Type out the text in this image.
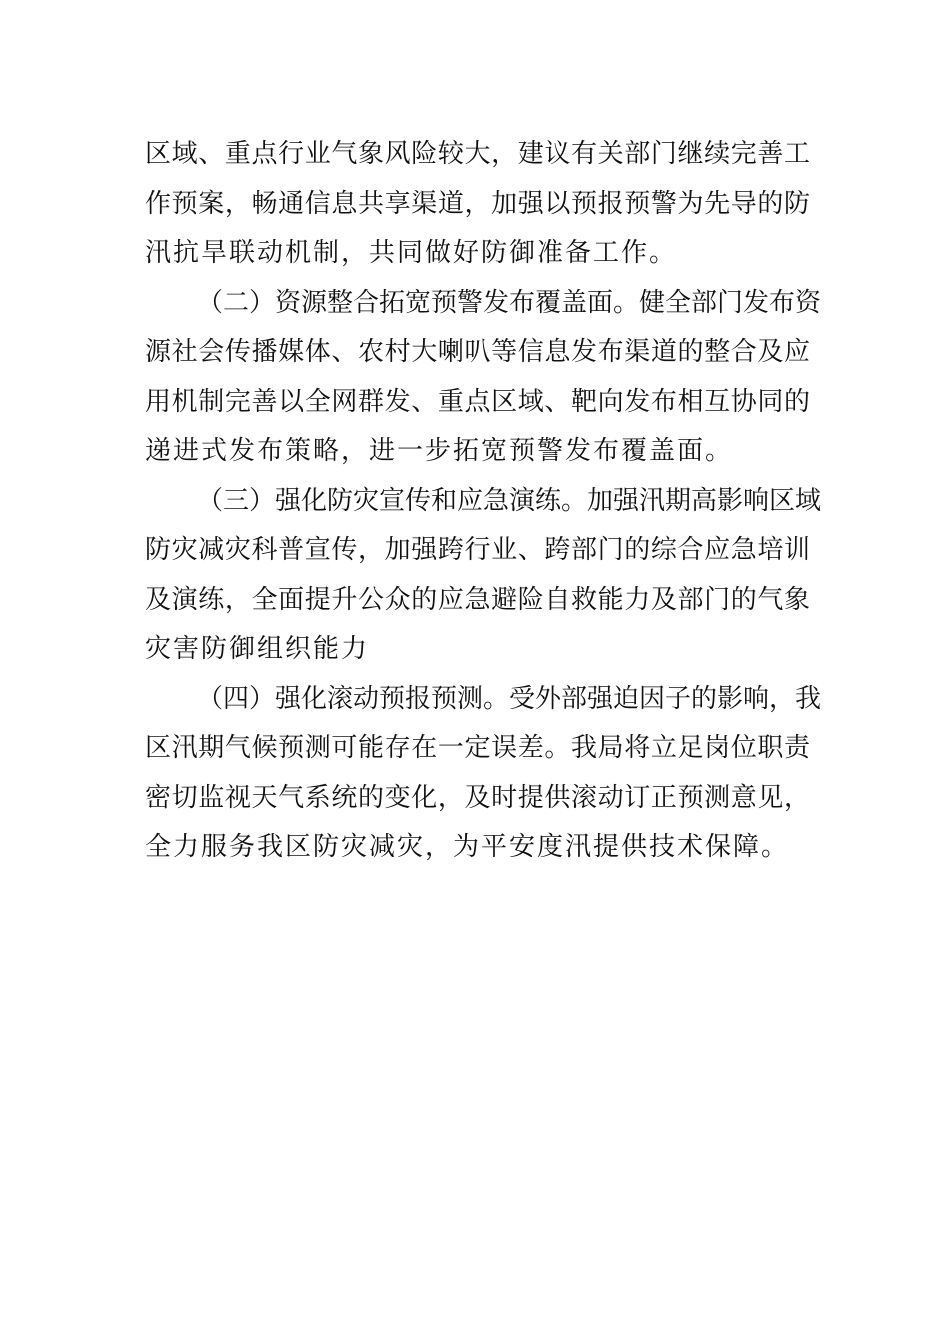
区域、重点行业气象风险较大，建议有关部门继续完善工
作预案，畅通信息共享渠道，加强以预报预警为先导的防
汛抗旱联动机制，共同做好防御准备工作。
（二）资源整合拓宽预警发布覆盖面。健全部门发布资
源社会传播媒体、农村大喇叭等信息发布渠道的整合及应
用机制完善以全网群发、重点区域、靶向发布相互协同的
递进式发布策略，进一步拓宽预警发布覆盖面。
（三）强化防灾宣传和应急演练。加强汛期高影响区域
防灾减灾科普宣传，加强跨行业、跨部门的综合应急培训
及演练，全面提升公众的应急避险自救能力及部门的气象
灾害防御组织能力
（四）强化滚动预报预测。受外部强迫因子的影响，我
区汛期气候预测可能存在一定误差。我局将立足岗位职责
密切监视天气系统的变化，及时提供滚动订正预测意见，
全力服务我区防灾减灾，为平安度汛提供技术保障。
